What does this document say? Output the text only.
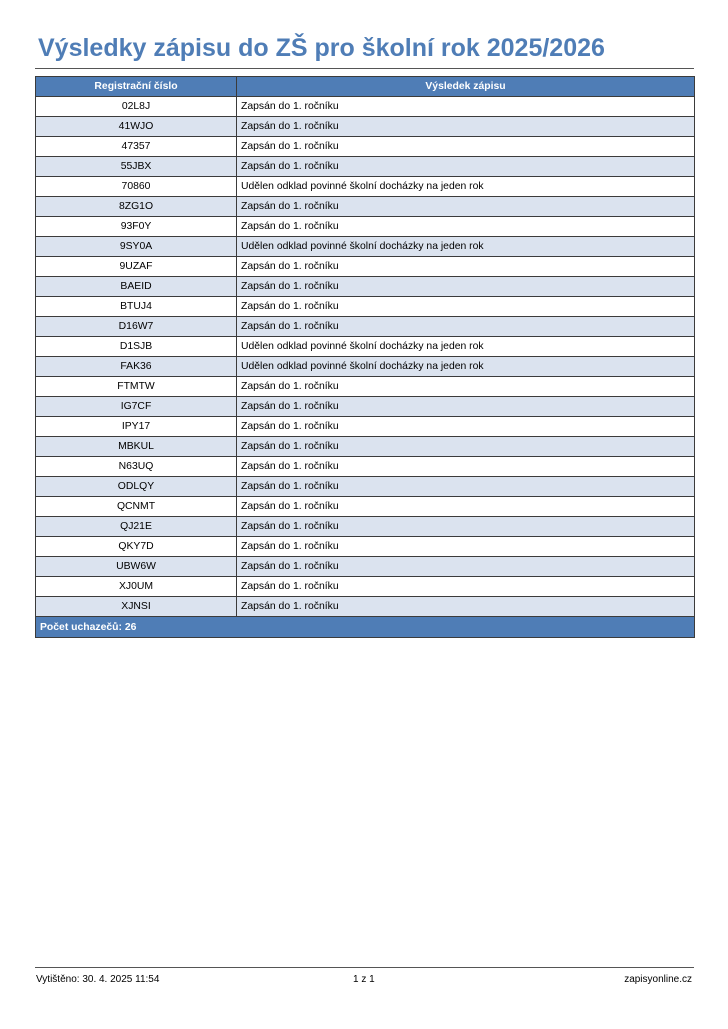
Výsledky zápisu do ZŠ pro školní rok 2025/2026
Registrační číslo	Výsledek zápisu
02L8J	Zapsán do 1. ročníku
41WJO	Zapsán do 1. ročníku
47357	Zapsán do 1. ročníku
55JBX	Zapsán do 1. ročníku
70860	Udělen odklad povinné školní docházky na jeden rok
8ZG1O	Zapsán do 1. ročníku
93F0Y	Zapsán do 1. ročníku
9SY0A	Udělen odklad povinné školní docházky na jeden rok
9UZAF	Zapsán do 1. ročníku
BAEID	Zapsán do 1. ročníku
BTUJ4	Zapsán do 1. ročníku
D16W7	Zapsán do 1. ročníku
D1SJB	Udělen odklad povinné školní docházky na jeden rok
FAK36	Udělen odklad povinné školní docházky na jeden rok
FTMTW	Zapsán do 1. ročníku
IG7CF	Zapsán do 1. ročníku
IPY17	Zapsán do 1. ročníku
MBKUL	Zapsán do 1. ročníku
N63UQ	Zapsán do 1. ročníku
ODLQY	Zapsán do 1. ročníku
QCNMT	Zapsán do 1. ročníku
QJ21E	Zapsán do 1. ročníku
QKY7D	Zapsán do 1. ročníku
UBW6W	Zapsán do 1. ročníku
XJ0UM	Zapsán do 1. ročníku
XJNSI	Zapsán do 1. ročníku
Počet uchazečů: 26	
Vytištěno: 30. 4. 2025 11:54	1 z 1	zapisyonline.cz
